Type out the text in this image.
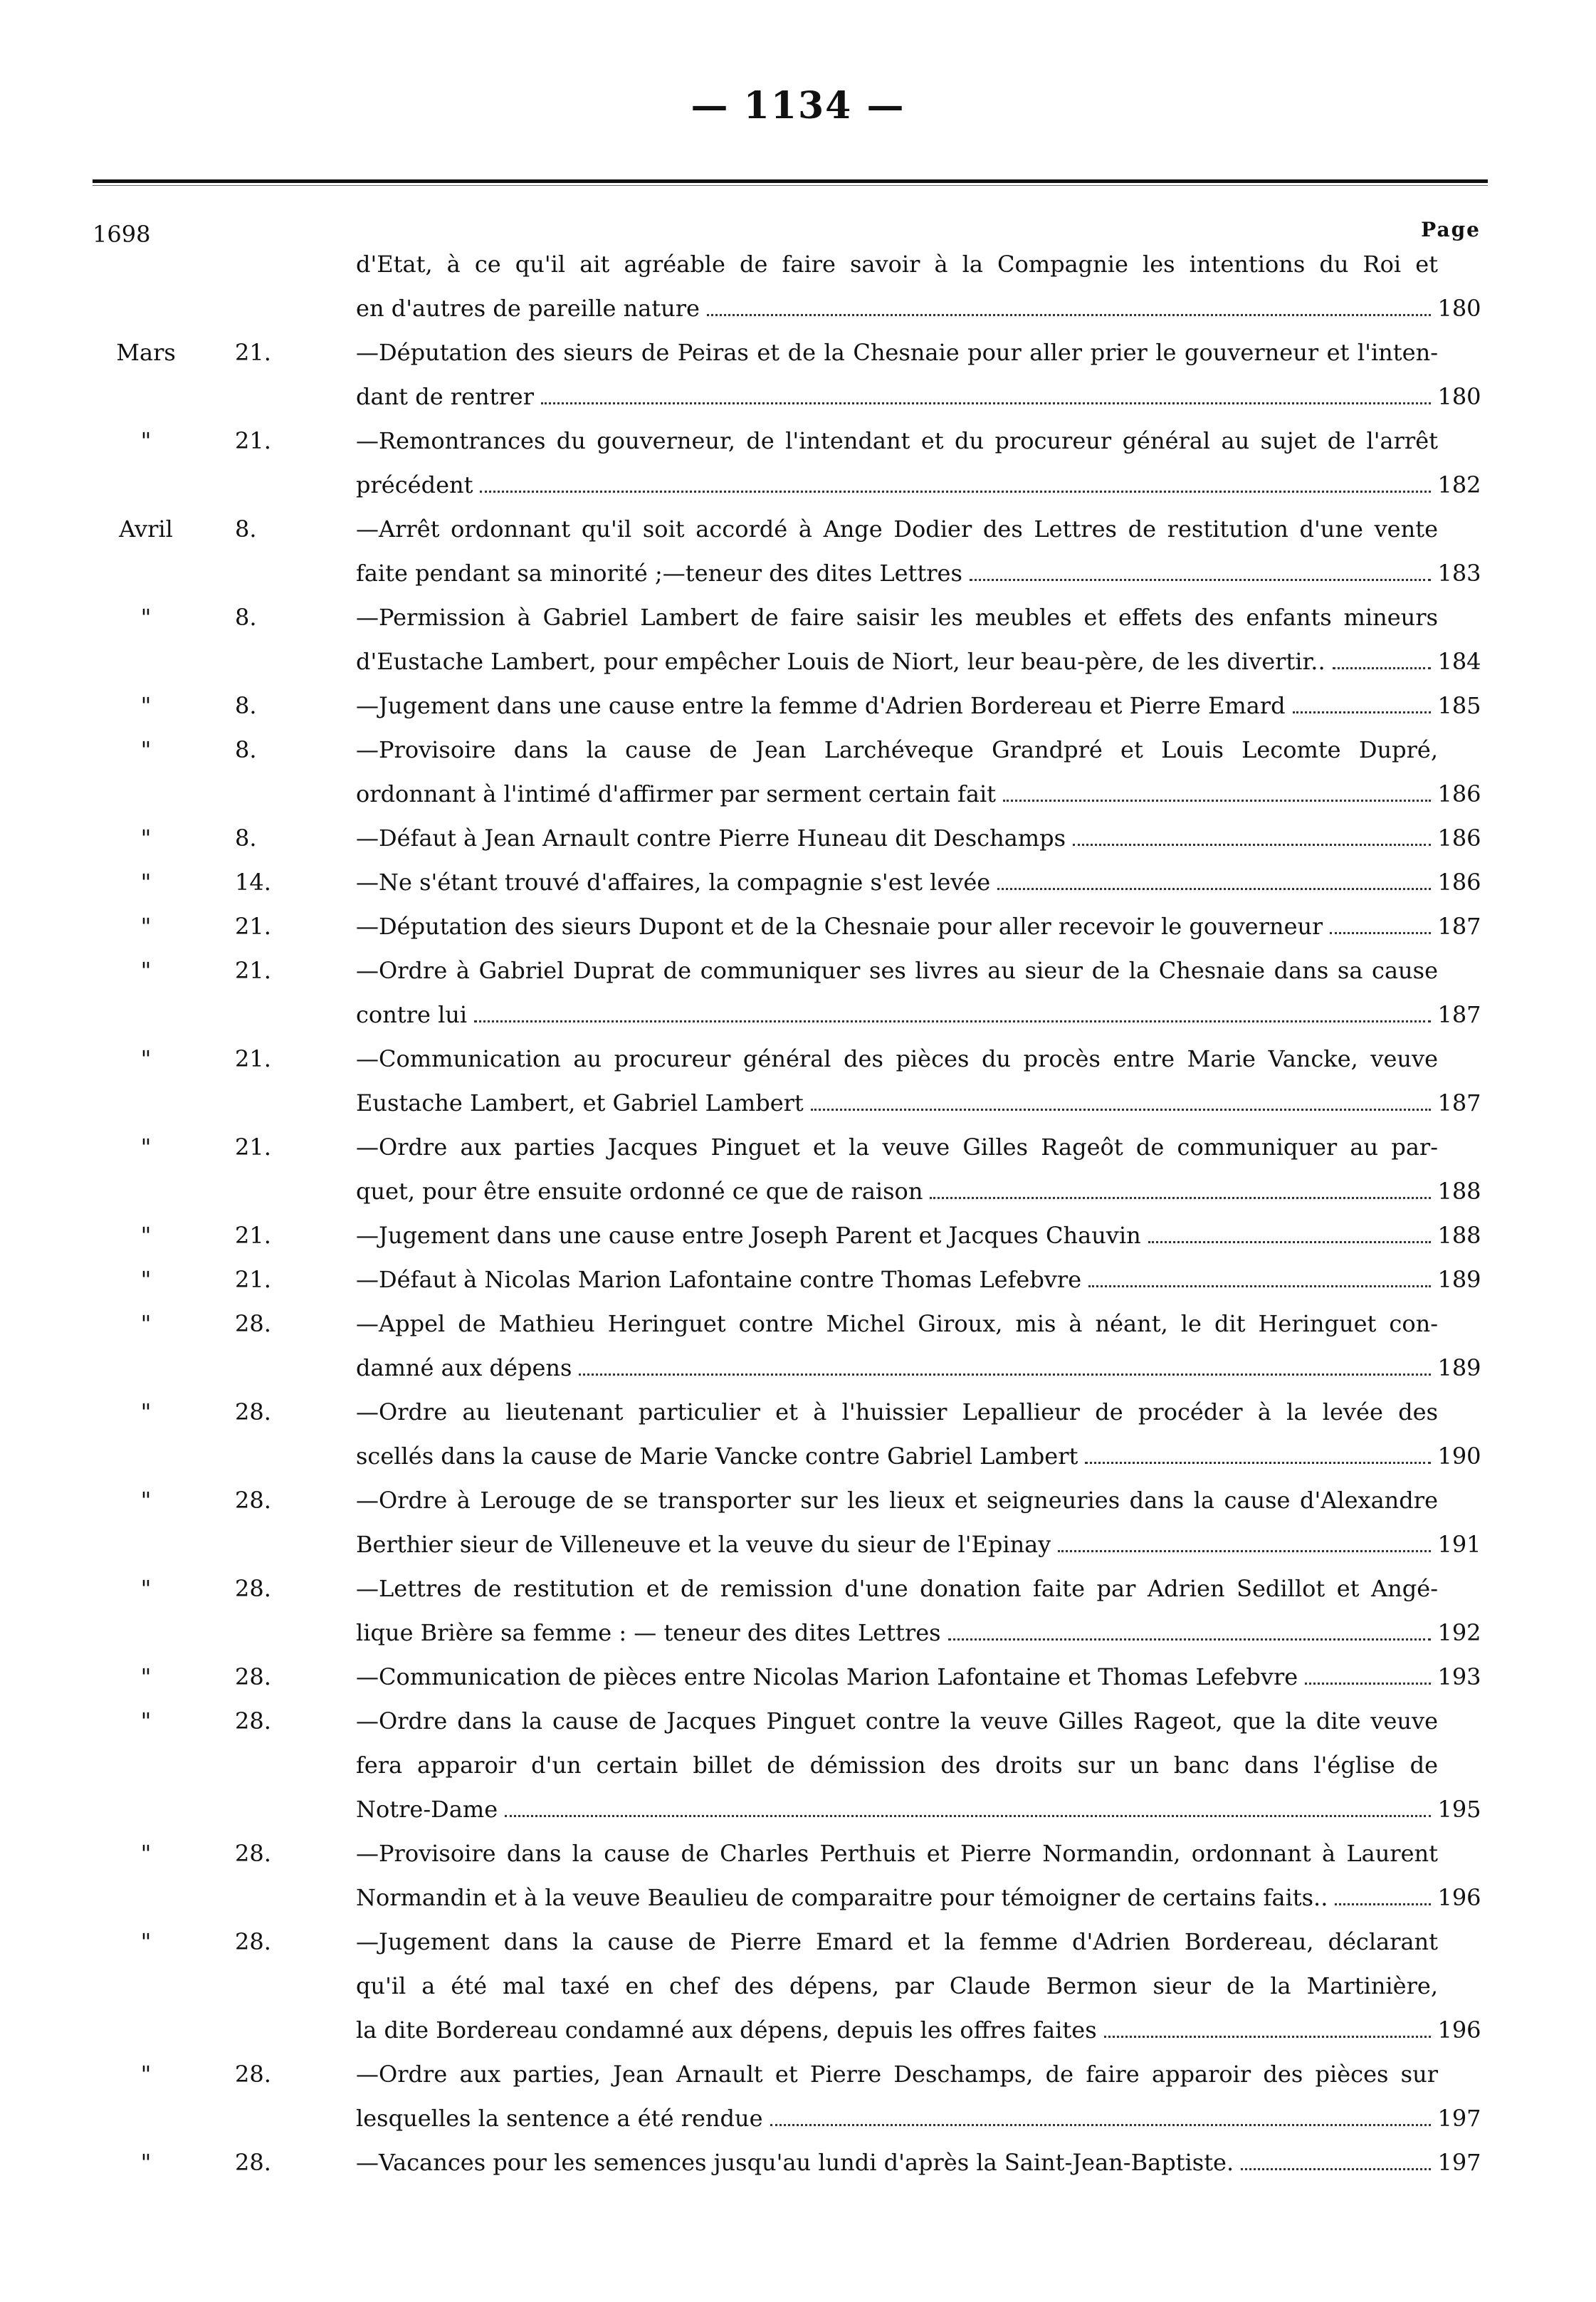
— 1134 —
1698	Page
d'Etat, à ce qu'il ait agréable de faire savoir à la Compagnie les intentions du Roi et
en d'autres de pareille nature	180
Mars	21.	—Députation des sieurs de Peiras et de la Chesnaie pour aller prier le gouverneur et l'inten-
dant de rentrer	180
"	21.	—Remontrances du gouverneur, de l'intendant et du procureur général au sujet de l'arrêt
précédent	182
Avril	8.	—Arrêt ordonnant qu'il soit accordé à Ange Dodier des Lettres de restitution d'une vente
faite pendant sa minorité ;—teneur des dites Lettres	183
"	8.	—Permission à Gabriel Lambert de faire saisir les meubles et effets des enfants mineurs
d'Eustache Lambert, pour empêcher Louis de Niort, leur beau-père, de les divertir..	184
"	8.	—Jugement dans une cause entre la femme d'Adrien Bordereau et Pierre Emard	185
"	8.	—Provisoire dans la cause de Jean Larchéveque Grandpré et Louis Lecomte Dupré,
ordonnant à l'intimé d'affirmer par serment certain fait	186
"	8.	—Défaut à Jean Arnault contre Pierre Huneau dit Deschamps	186
"	14.	—Ne s'étant trouvé d'affaires, la compagnie s'est levée	186
"	21.	—Députation des sieurs Dupont et de la Chesnaie pour aller recevoir le gouverneur	187
"	21.	—Ordre à Gabriel Duprat de communiquer ses livres au sieur de la Chesnaie dans sa cause
contre lui	187
"	21.	—Communication au procureur général des pièces du procès entre Marie Vancke, veuve
Eustache Lambert, et Gabriel Lambert	187
"	21.	—Ordre aux parties Jacques Pinguet et la veuve Gilles Rageôt de communiquer au par-
quet, pour être ensuite ordonné ce que de raison	188
"	21.	—Jugement dans une cause entre Joseph Parent et Jacques Chauvin	188
"	21.	—Défaut à Nicolas Marion Lafontaine contre Thomas Lefebvre	189
"	28.	—Appel de Mathieu Heringuet contre Michel Giroux, mis à néant, le dit Heringuet con-
damné aux dépens	189
"	28.	—Ordre au lieutenant particulier et à l'huissier Lepallieur de procéder à la levée des
scellés dans la cause de Marie Vancke contre Gabriel Lambert	190
"	28.	—Ordre à Lerouge de se transporter sur les lieux et seigneuries dans la cause d'Alexandre
Berthier sieur de Villeneuve et la veuve du sieur de l'Epinay	191
"	28.	—Lettres de restitution et de remission d'une donation faite par Adrien Sedillot et Angé-
lique Brière sa femme : — teneur des dites Lettres	192
"	28.	—Communication de pièces entre Nicolas Marion Lafontaine et Thomas Lefebvre	193
"	28.	—Ordre dans la cause de Jacques Pinguet contre la veuve Gilles Rageot, que la dite veuve
fera apparoir d'un certain billet de démission des droits sur un banc dans l'église de
Notre-Dame	195
"	28.	—Provisoire dans la cause de Charles Perthuis et Pierre Normandin, ordonnant à Laurent
Normandin et à la veuve Beaulieu de comparaitre pour témoigner de certains faits..	196
"	28.	—Jugement dans la cause de Pierre Emard et la femme d'Adrien Bordereau, déclarant
qu'il a été mal taxé en chef des dépens, par Claude Bermon sieur de la Martinière,
la dite Bordereau condamné aux dépens, depuis les offres faites	196
"	28.	—Ordre aux parties, Jean Arnault et Pierre Deschamps, de faire apparoir des pièces sur
lesquelles la sentence a été rendue	197
"	28.	—Vacances pour les semences jusqu'au lundi d'après la Saint-Jean-Baptiste.	197
